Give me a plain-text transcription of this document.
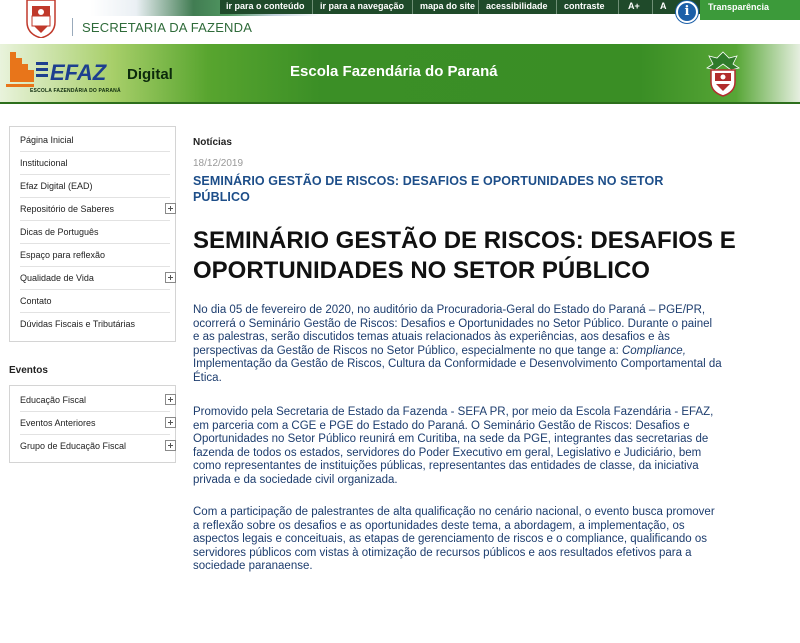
SECRETARIA DA FAZENDA
ir para o conteúdo ir para a navegação mapa do site acessibilidade contraste	A+ A	i	Transparência
EFAZ
ESCOLA FAZENDÁRIA DO PARANÁ
Digital	Escola Fazendária do Paraná
Página Inicial
Institucional
Efaz Digital (EAD)
Repositório de Saberes
Dicas de Português
Espaço para reflexão
Qualidade de Vida
Contato
Dúvidas Fiscais e Tributárias
Eventos
Educação Fiscal
Eventos Anteriores
Grupo de Educação Fiscal
Notícias
18/12/2019
SEMINÁRIO GESTÃO DE RISCOS: DESAFIOS E OPORTUNIDADES NO SETOR
PÚBLICO
SEMINÁRIO GESTÃO DE RISCOS: DESAFIOS E
OPORTUNIDADES NO SETOR PÚBLICO
No dia 05 de fevereiro de 2020, no auditório da Procuradoria-Geral do Estado do Paraná – PGE/PR,
ocorrerá o Seminário Gestão de Riscos: Desafios e Oportunidades no Setor Público. Durante o painel
e as palestras, serão discutidos temas atuais relacionados às experiências, aos desafios e às
perspectivas da Gestão de Riscos no Setor Público, especialmente no que tange a: Compliance,
Implementação da Gestão de Riscos, Cultura da Conformidade e Desenvolvimento Comportamental da
Ética.
Promovido pela Secretaria de Estado da Fazenda - SEFA PR, por meio da Escola Fazendária - EFAZ,
em parceria com a CGE e PGE do Estado do Paraná. O Seminário Gestão de Riscos: Desafios e
Oportunidades no Setor Público reunirá em Curitiba, na sede da PGE, integrantes das secretarias de
fazenda de todos os estados, servidores do Poder Executivo em geral, Legislativo e Judiciário, bem
como representantes de instituições públicas, representantes das entidades de classe, da iniciativa
privada e da sociedade civil organizada.
Com a participação de palestrantes de alta qualificação no cenário nacional, o evento busca promover
a reflexão sobre os desafios e as oportunidades deste tema, a abordagem, a implementação, os
aspectos legais e conceituais, as etapas de gerenciamento de riscos e o compliance, qualificando os
servidores públicos com vistas à otimização de recursos públicos e aos resultados efetivos para a
sociedade paranaense.
